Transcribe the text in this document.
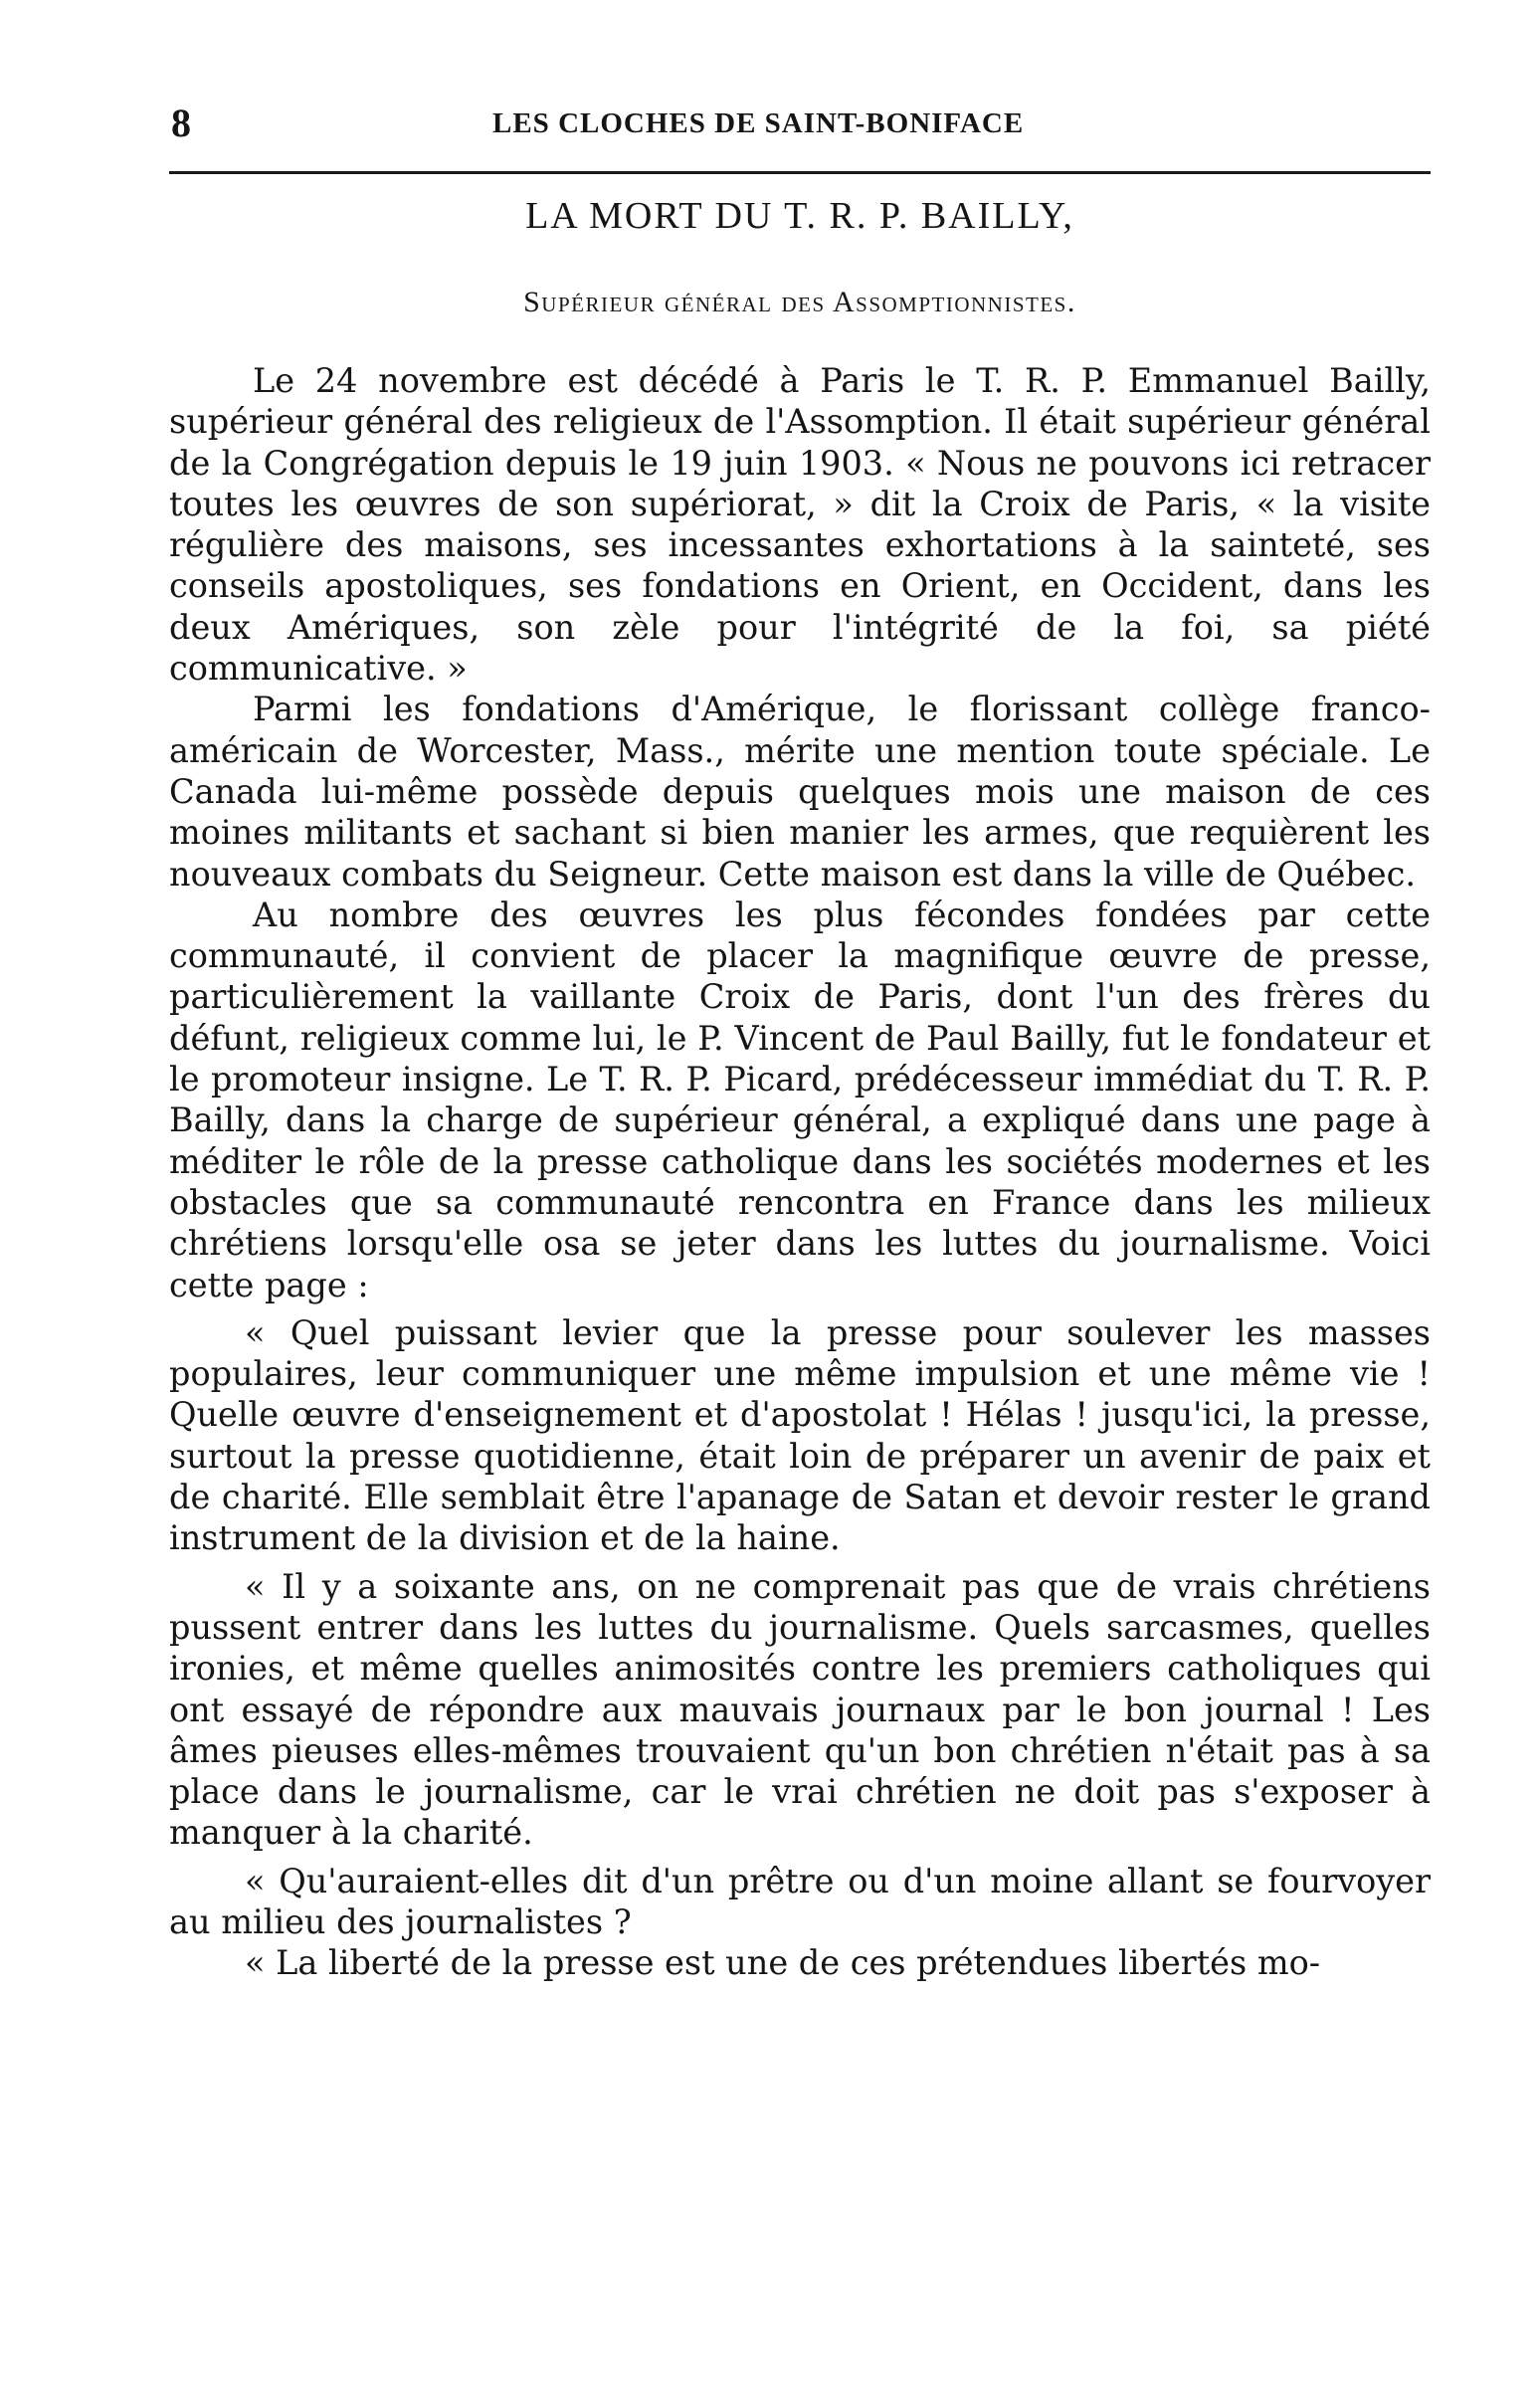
8	LES CLOCHES DE SAINT-BONIFACE
LA MORT DU T. R. P. BAILLY,
Supérieur général des Assomptionnistes.

Le 24 novembre est décédé à Paris le T. R. P. Emmanuel Bailly, supérieur général des religieux de l'Assomption. Il était supérieur général de la Congrégation depuis le 19 juin 1903. « Nous ne pouvons ici retracer toutes les œuvres de son supériorat, » dit la Croix de Paris, « la visite régulière des maisons, ses incessantes exhortations à la sainteté, ses conseils apostoliques, ses fondations en Orient, en Occident, dans les deux Amériques, son zèle pour l'intégrité de la foi, sa piété communicative. »

Parmi les fondations d'Amérique, le florissant collège franco-américain de Worcester, Mass., mérite une mention toute spéciale. Le Canada lui-même possède depuis quelques mois une maison de ces moines militants et sachant si bien manier les armes, que requièrent les nouveaux combats du Seigneur. Cette maison est dans la ville de Québec.

Au nombre des œuvres les plus fécondes fondées par cette communauté, il convient de placer la magnifique œuvre de presse, particulièrement la vaillante Croix de Paris, dont l'un des frères du défunt, religieux comme lui, le P. Vincent de Paul Bailly, fut le fondateur et le promoteur insigne. Le T. R. P. Picard, prédécesseur immédiat du T. R. P. Bailly, dans la charge de supérieur général, a expliqué dans une page à méditer le rôle de la presse catholique dans les sociétés modernes et les obstacles que sa communauté rencontra en France dans les milieux chrétiens lorsqu'elle osa se jeter dans les luttes du journalisme. Voici cette page :

« Quel puissant levier que la presse pour soulever les masses populaires, leur communiquer une même impulsion et une même vie ! Quelle œuvre d'enseignement et d'apostolat ! Hélas ! jusqu'ici, la presse, surtout la presse quotidienne, était loin de préparer un avenir de paix et de charité. Elle semblait être l'apanage de Satan et devoir rester le grand instrument de la division et de la haine.

« Il y a soixante ans, on ne comprenait pas que de vrais chrétiens pussent entrer dans les luttes du journalisme. Quels sarcasmes, quelles ironies, et même quelles animosités contre les premiers catholiques qui ont essayé de répondre aux mauvais journaux par le bon journal ! Les âmes pieuses elles-mêmes trouvaient qu'un bon chrétien n'était pas à sa place dans le journalisme, car le vrai chrétien ne doit pas s'exposer à manquer à la charité.

« Qu'auraient-elles dit d'un prêtre ou d'un moine allant se fourvoyer au milieu des journalistes ?

« La liberté de la presse est une de ces prétendues libertés mo-
